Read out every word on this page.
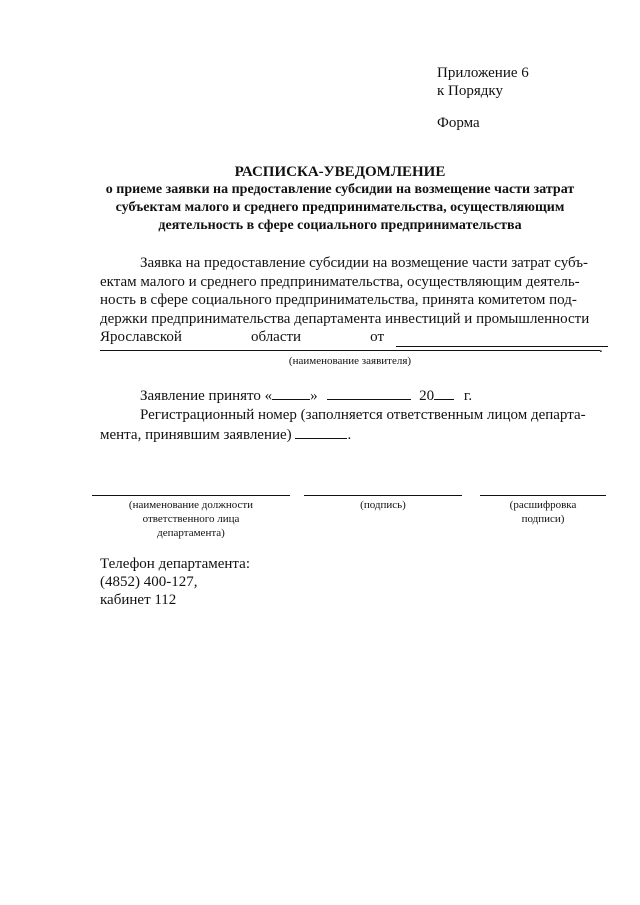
Приложение 6
к Порядку
Форма
РАСПИСКА-УВЕДОМЛЕНИЕ
о приеме заявки на предоставление субсидии на возмещение части затрат
субъектам малого и среднего предпринимательства, осуществляющим
деятельность в сфере социального предпринимательства
Заявка на предоставление субсидии на возмещение части затрат субъ-
ектам малого и среднего предпринимательства, осуществляющим деятель-
ность в сфере социального предпринимательства, принята комитетом под-
держки предпринимательства департамента инвестиций и промышленности
Ярославской	области	от
.
(наименование заявителя)
Заявление принято «	»	20 г.
Регистрационный номер (заполняется ответственным лицом департа-
мента, принявшим заявление)	.
(наименование должности
ответственного лица
департамента)
(подпись)	(расшифровка
подписи)
Телефон департамента:
(4852) 400-127,
кабинет 112
